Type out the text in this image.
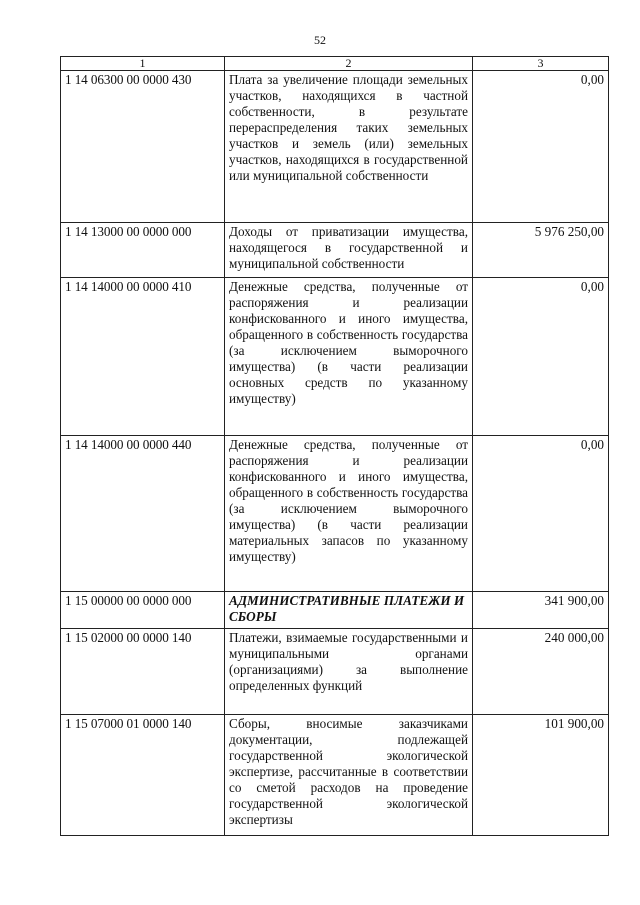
52
1	2	3
1 14 06300 00 0000 430	Плата за увеличение площади земельных участков, находящихся в частной собственности, в результате перераспределения таких земельных участков и земель (или) земельных участков, находящихся в государственной или муниципальной собственности	0,00
1 14 13000 00 0000 000	Доходы от приватизации имущества, находящегося в государственной и муниципальной собственности	5 976 250,00
1 14 14000 00 0000 410	Денежные средства, полученные от распоряжения и реализации конфискованного и иного имущества, обращенного в собственность государства (за исключением выморочного имущества) (в части реализации основных средств по указанному имуществу)	0,00
1 14 14000 00 0000 440	Денежные средства, полученные от распоряжения и реализации конфискованного и иного имущества, обращенного в собственность государства (за исключением выморочного имущества) (в части реализации материальных запасов по указанному имуществу)	0,00
1 15 00000 00 0000 000	АДМИНИСТРАТИВНЫЕ ПЛАТЕЖИ И СБОРЫ	341 900,00
1 15 02000 00 0000 140	Платежи, взимаемые государственными и муниципальными органами (организациями) за выполнение определенных функций	240 000,00
1 15 07000 01 0000 140	Сборы, вносимые заказчиками документации, подлежащей государственной экологической экспертизе, рассчитанные в соответствии со сметой расходов на проведение государственной экологической экспертизы	101 900,00
